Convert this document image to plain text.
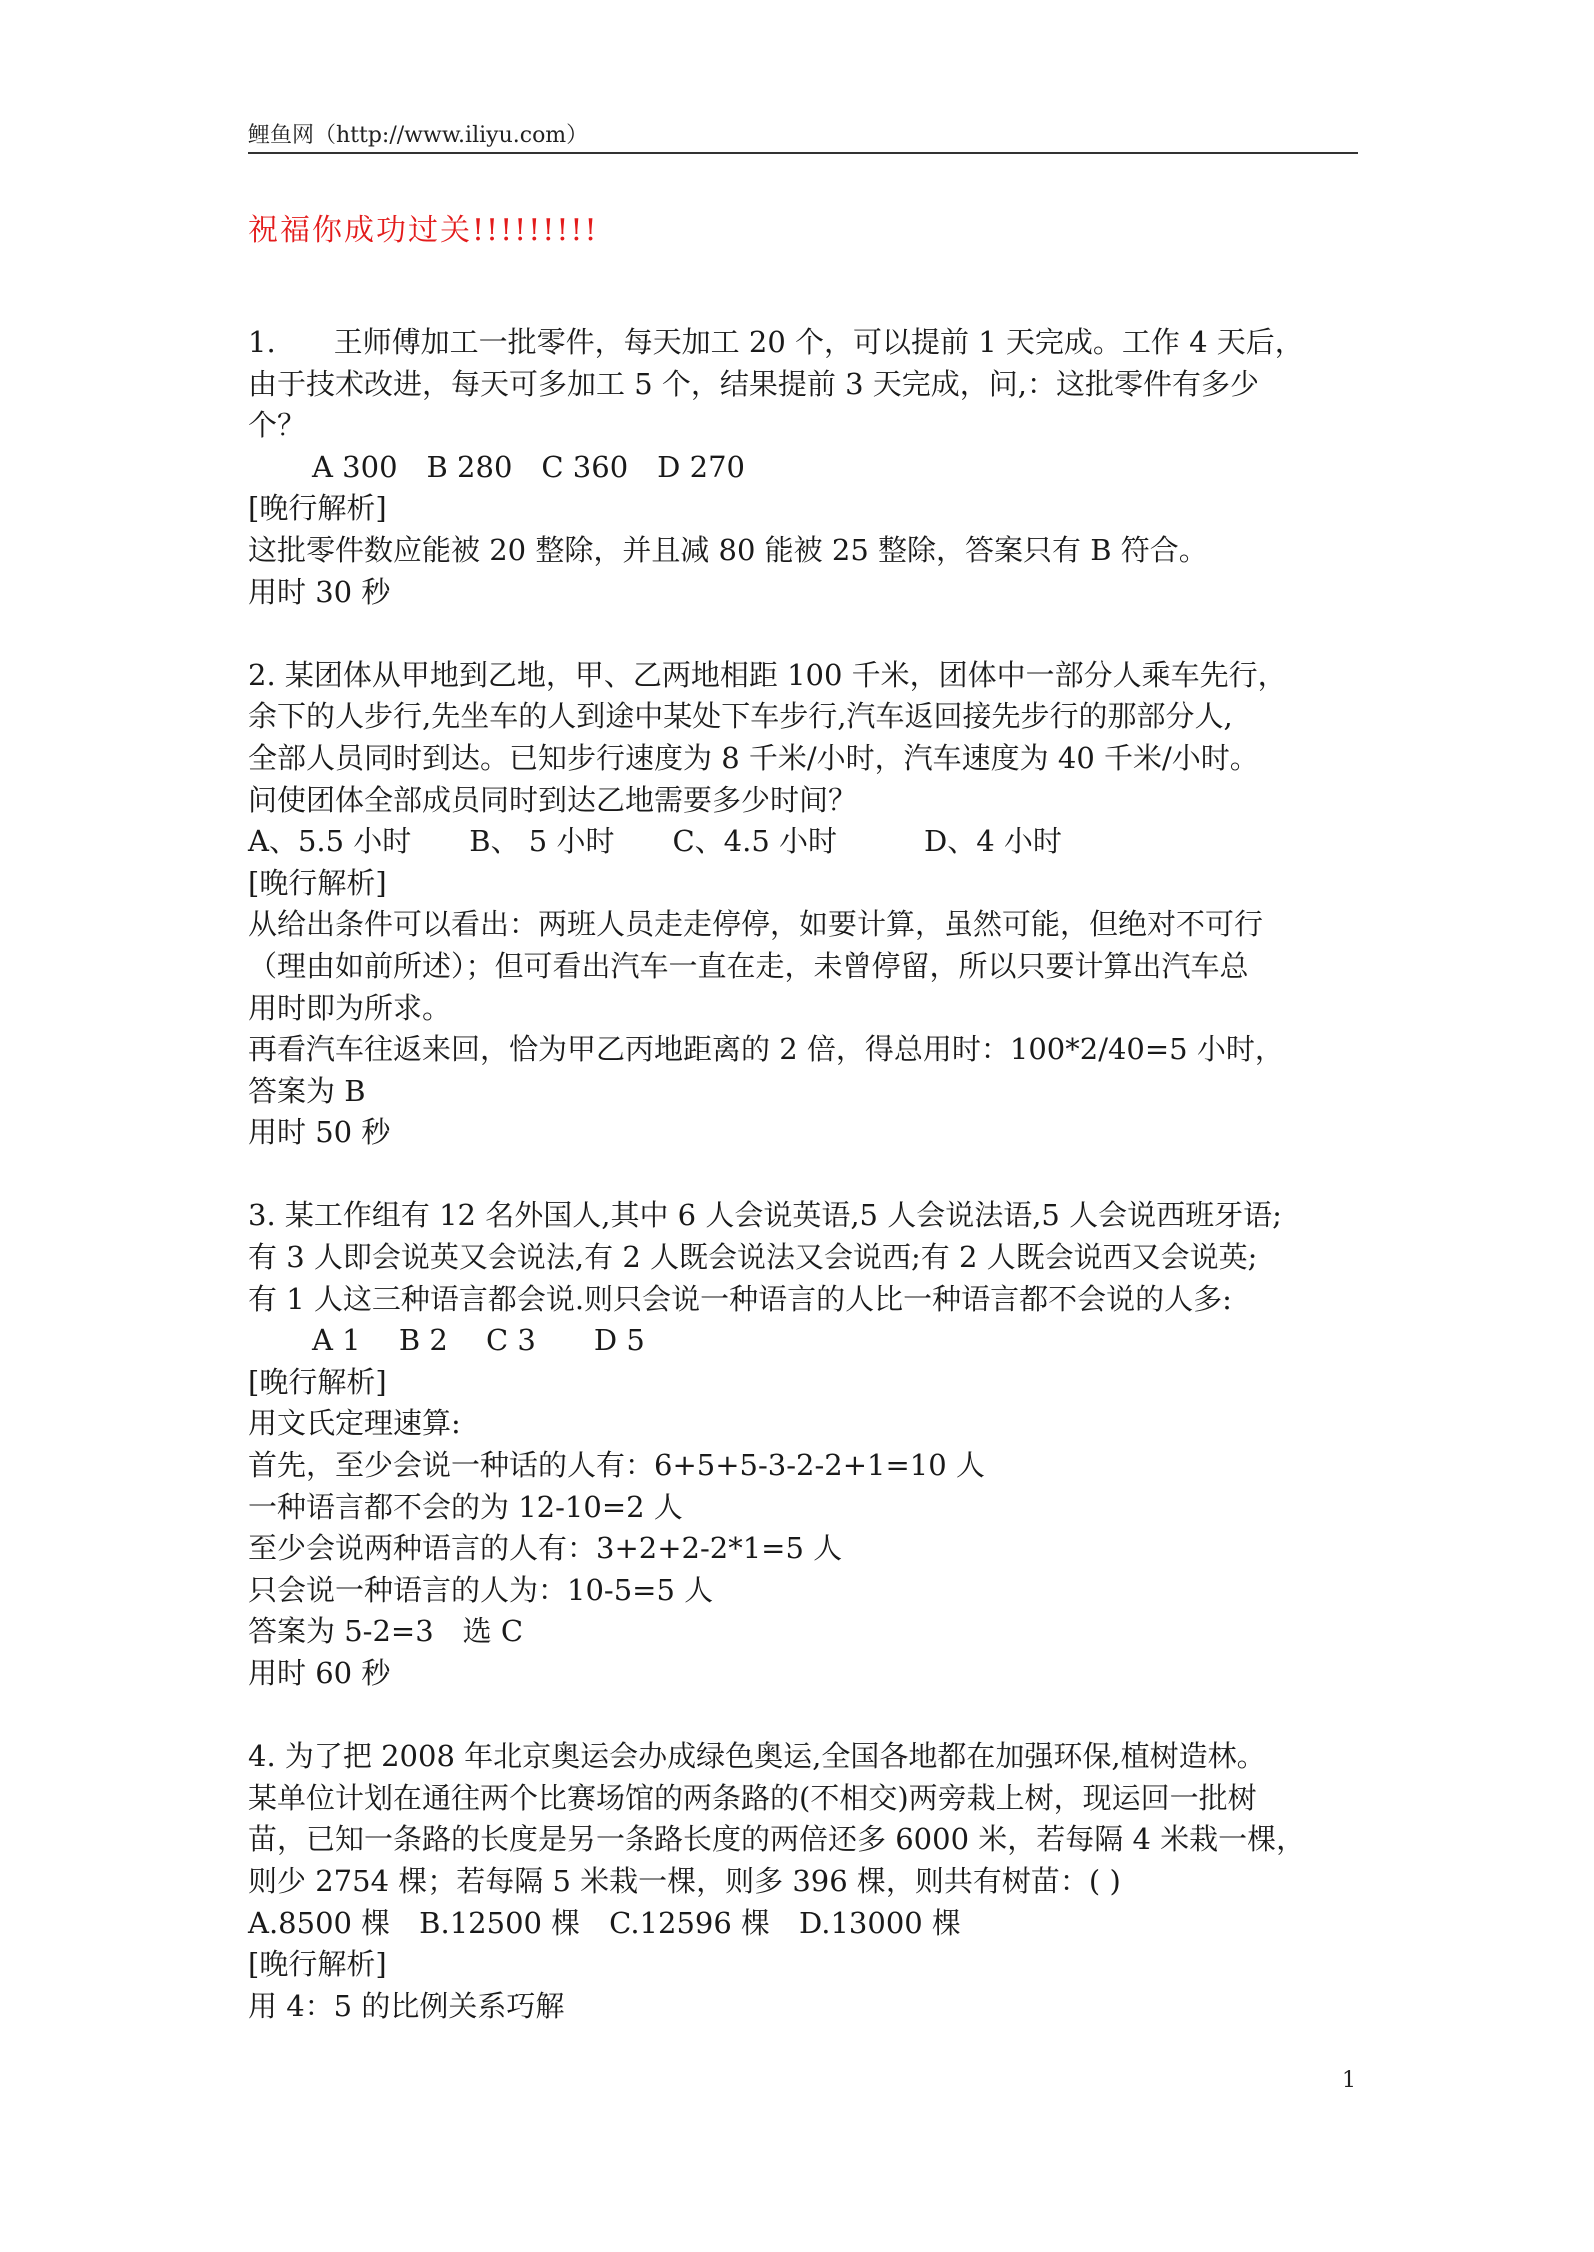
鲤鱼网（http://www.iliyu.com）
祝福你成功过关!!!!!!!!!
1.　　王师傅加工一批零件，每天加工 20 个，可以提前 1 天完成。工作 4 天后，
由于技术改进，每天可多加工 5 个，结果提前 3 天完成，问,：这批零件有多少
个？
A 300　B 280　C 360　D 270
[晚行解析]
这批零件数应能被 20 整除，并且减 80 能被 25 整除，答案只有 B 符合。
用时 30 秒
2. 某团体从甲地到乙地，甲、乙两地相距 100 千米，团体中一部分人乘车先行，
余下的人步行,先坐车的人到途中某处下车步行,汽车返回接先步行的那部分人,
全部人员同时到达。已知步行速度为 8 千米/小时，汽车速度为 40 千米/小时。
问使团体全部成员同时到达乙地需要多少时间？
A、5.5 小时　　B、 5 小时　　C、4.5 小时　　　D、4 小时
[晚行解析]
从给出条件可以看出：两班人员走走停停，如要计算，虽然可能，但绝对不可行
（理由如前所述）；但可看出汽车一直在走，未曾停留，所以只要计算出汽车总
用时即为所求。
再看汽车往返来回，恰为甲乙丙地距离的 2 倍，得总用时：100*2/40=5 小时，
答案为 B
用时 50 秒
3. 某工作组有 12 名外国人,其中 6 人会说英语,5 人会说法语,5 人会说西班牙语;
有 3 人即会说英又会说法,有 2 人既会说法又会说西;有 2 人既会说西又会说英;
有 1 人这三种语言都会说.则只会说一种语言的人比一种语言都不会说的人多:
A 1　 B 2　 C 3　　D 5
[晚行解析]
用文氏定理速算:
首先，至少会说一种话的人有：6+5+5-3-2-2+1=10 人
一种语言都不会的为 12-10=2 人
至少会说两种语言的人有：3+2+2-2*1=5 人
只会说一种语言的人为：10-5=5 人
答案为 5-2=3　选 C
用时 60 秒
4. 为了把 2008 年北京奥运会办成绿色奥运,全国各地都在加强环保,植树造林。
某单位计划在通往两个比赛场馆的两条路的(不相交)两旁栽上树，现运回一批树
苗，已知一条路的长度是另一条路长度的两倍还多 6000 米，若每隔 4 米栽一棵，
则少 2754 棵；若每隔 5 米栽一棵，则多 396 棵，则共有树苗：( )
A.8500 棵　B.12500 棵　C.12596 棵　D.13000 棵
[晚行解析]
用 4：5 的比例关系巧解
1
